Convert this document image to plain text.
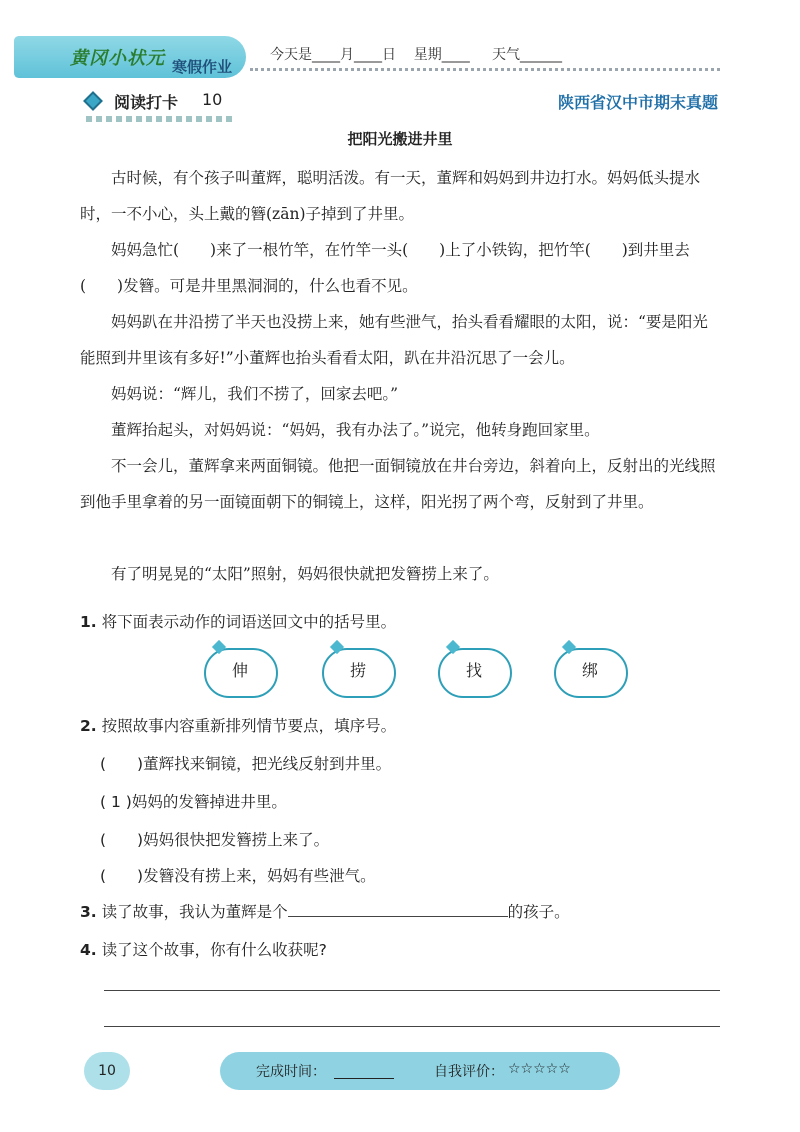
黄冈小状元 寒假作业
今天是____月____日    星期____     天气______
阅读打卡 10	陕西省汉中市期末真题
把阳光搬进井里
古时候，有个孩子叫董辉，聪明活泼。有一天，董辉和妈妈到井边打水。妈妈低头提水时，一不小心，头上戴的簪(zān)子掉到了井里。
妈妈急忙(　　)来了一根竹竿，在竹竿一头(　　)上了小铁钩，把竹竿(　　)到井里去(　　)发簪。可是井里黑洞洞的，什么也看不见。
妈妈趴在井沿捞了半天也没捞上来，她有些泄气，抬头看看耀眼的太阳，说：“要是阳光能照到井里该有多好!”小董辉也抬头看看太阳，趴在井沿沉思了一会儿。
妈妈说：“辉儿，我们不捞了，回家去吧。”
董辉抬起头，对妈妈说：“妈妈，我有办法了。”说完，他转身跑回家里。
不一会儿，董辉拿来两面铜镜。他把一面铜镜放在井台旁边，斜着向上，反射出的光线照到他手里拿着的另一面镜面朝下的铜镜上，这样，阳光拐了两个弯，反射到了井里。
有了明晃晃的“太阳”照射，妈妈很快就把发簪捞上来了。
1. 将下面表示动作的词语送回文中的括号里。
伸	捞	找	绑
2. 按照故事内容重新排列情节要点，填序号。
(　　)董辉找来铜镜，把光线反射到井里。
( 1 )妈妈的发簪掉进井里。
(　　)妈妈很快把发簪捞上来了。
(　　)发簪没有捞上来，妈妈有些泄气。
3. 读了故事，我认为董辉是个	的孩子。
4. 读了这个故事，你有什么收获呢?
10	完成时间：	自我评价： ☆☆☆☆☆
